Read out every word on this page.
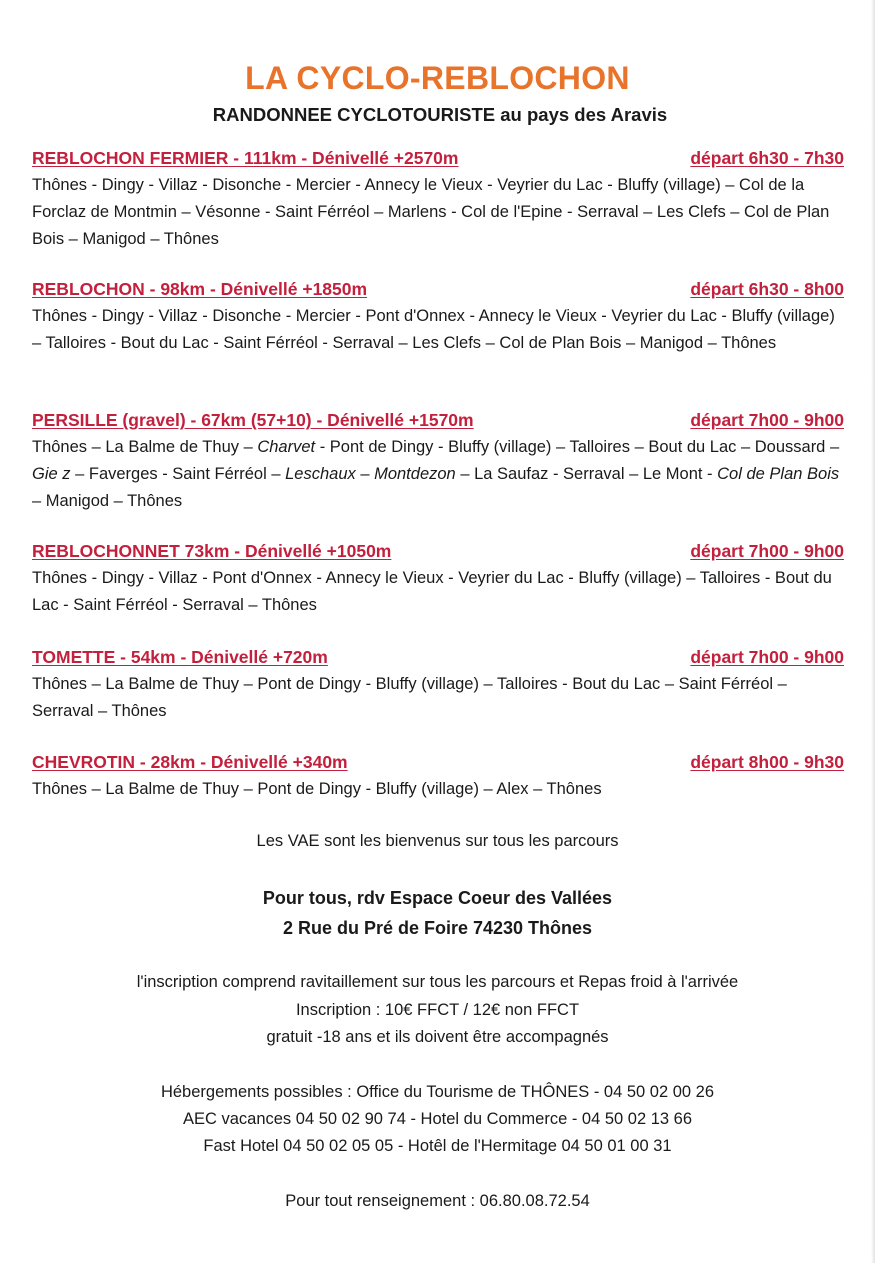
LA CYCLO-REBLOCHON
RANDONNEE CYCLOTOURISTE au pays des Aravis
REBLOCHON FERMIER - 111km - Dénivellé +2570m	départ 6h30 - 7h30
Thônes - Dingy - Villaz - Disonche - Mercier - Annecy le Vieux - Veyrier du Lac - Bluffy (village) – Col de la Forclaz de Montmin – Vésonne - Saint Férréol – Marlens - Col de l'Epine - Serraval – Les Clefs – Col de Plan Bois – Manigod – Thônes
REBLOCHON - 98km - Dénivellé +1850m	départ 6h30 - 8h00
Thônes - Dingy - Villaz - Disonche - Mercier - Pont d'Onnex - Annecy le Vieux - Veyrier du Lac - Bluffy (village) – Talloires - Bout du Lac - Saint Férréol - Serraval – Les Clefs – Col de Plan Bois – Manigod – Thônes
PERSILLE (gravel) - 67km (57+10) - Dénivellé +1570m	départ 7h00 - 9h00
Thônes – La Balme de Thuy – Charvet - Pont de Dingy - Bluffy (village) – Talloires – Bout du Lac – Doussard – Gie z – Faverges - Saint Férréol – Leschaux – Montdezon – La Saufaz - Serraval – Le Mont - Col de Plan Bois – Manigod – Thônes
REBLOCHONNET 73km - Dénivellé +1050m	départ 7h00 - 9h00
Thônes - Dingy - Villaz - Pont d'Onnex - Annecy le Vieux - Veyrier du Lac - Bluffy (village) – Talloires - Bout du Lac - Saint Férréol - Serraval – Thônes
TOMETTE - 54km - Dénivellé +720m	départ 7h00 - 9h00
Thônes – La Balme de Thuy – Pont de Dingy - Bluffy (village) – Talloires - Bout du Lac – Saint Férréol – Serraval – Thônes
CHEVROTIN - 28km - Dénivellé +340m	départ 8h00 - 9h30
Thônes – La Balme de Thuy – Pont de Dingy - Bluffy (village) – Alex – Thônes
Les VAE sont les bienvenus sur tous les parcours
Pour tous, rdv Espace Coeur des Vallées
2 Rue du Pré de Foire 74230 Thônes
l'inscription comprend ravitaillement sur tous les parcours et Repas froid à l'arrivée
Inscription : 10€ FFCT / 12€ non FFCT
gratuit -18 ans et ils doivent être accompagnés
Hébergements possibles : Office du Tourisme de THÔNES - 04 50 02 00 26
AEC vacances 04 50 02 90 74 - Hotel du Commerce - 04 50 02 13 66
Fast Hotel 04 50 02 05 05 - Hotêl de l'Hermitage 04 50 01 00 31
Pour tout renseignement : 06.80.08.72.54
